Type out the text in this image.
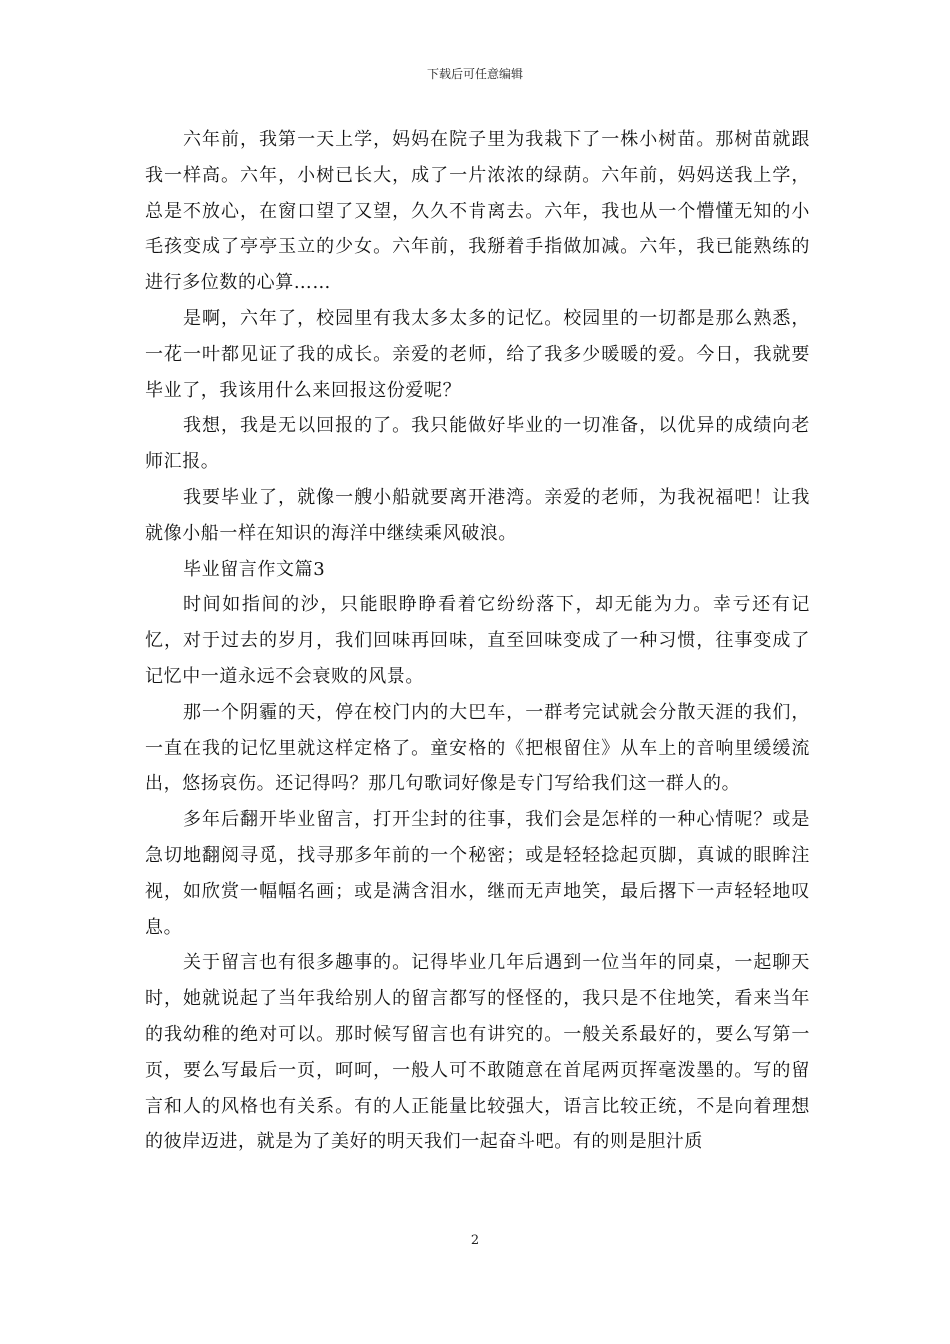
下载后可任意编辑

六年前，我第一天上学，妈妈在院子里为我栽下了一株小树苗。那树苗就跟我一样高。六年，小树已长大，成了一片浓浓的绿荫。六年前，妈妈送我上学，总是不放心，在窗口望了又望，久久不肯离去。六年，我也从一个懵懂无知的小毛孩变成了亭亭玉立的少女。六年前，我掰着手指做加减。六年，我已能熟练的进行多位数的心算……

是啊，六年了，校园里有我太多太多的记忆。校园里的一切都是那么熟悉，一花一叶都见证了我的成长。亲爱的老师，给了我多少暖暖的爱。今日，我就要毕业了，我该用什么来回报这份爱呢？

我想，我是无以回报的了。我只能做好毕业的一切准备，以优异的成绩向老师汇报。

我要毕业了，就像一艘小船就要离开港湾。亲爱的老师，为我祝福吧！让我就像小船一样在知识的海洋中继续乘风破浪。

毕业留言作文篇3

时间如指间的沙，只能眼睁睁看着它纷纷落下，却无能为力。幸亏还有记忆，对于过去的岁月，我们回味再回味，直至回味变成了一种习惯，往事变成了记忆中一道永远不会衰败的风景。

那一个阴霾的天，停在校门内的大巴车，一群考完试就会分散天涯的我们，一直在我的记忆里就这样定格了。童安格的《把根留住》从车上的音响里缓缓流出，悠扬哀伤。还记得吗？那几句歌词好像是专门写给我们这一群人的。

多年后翻开毕业留言，打开尘封的往事，我们会是怎样的一种心情呢？或是急切地翻阅寻觅，找寻那多年前的一个秘密；或是轻轻捻起页脚，真诚的眼眸注视，如欣赏一幅幅名画；或是满含泪水，继而无声地笑，最后撂下一声轻轻地叹息。

关于留言也有很多趣事的。记得毕业几年后遇到一位当年的同桌，一起聊天时，她就说起了当年我给别人的留言都写的怪怪的，我只是不住地笑，看来当年的我幼稚的绝对可以。那时候写留言也有讲究的。一般关系最好的，要么写第一页，要么写最后一页，呵呵，一般人可不敢随意在首尾两页挥毫泼墨的。写的留言和人的风格也有关系。有的人正能量比较强大，语言比较正统，不是向着理想的彼岸迈进，就是为了美好的明天我们一起奋斗吧。有的则是胆汁质

2
